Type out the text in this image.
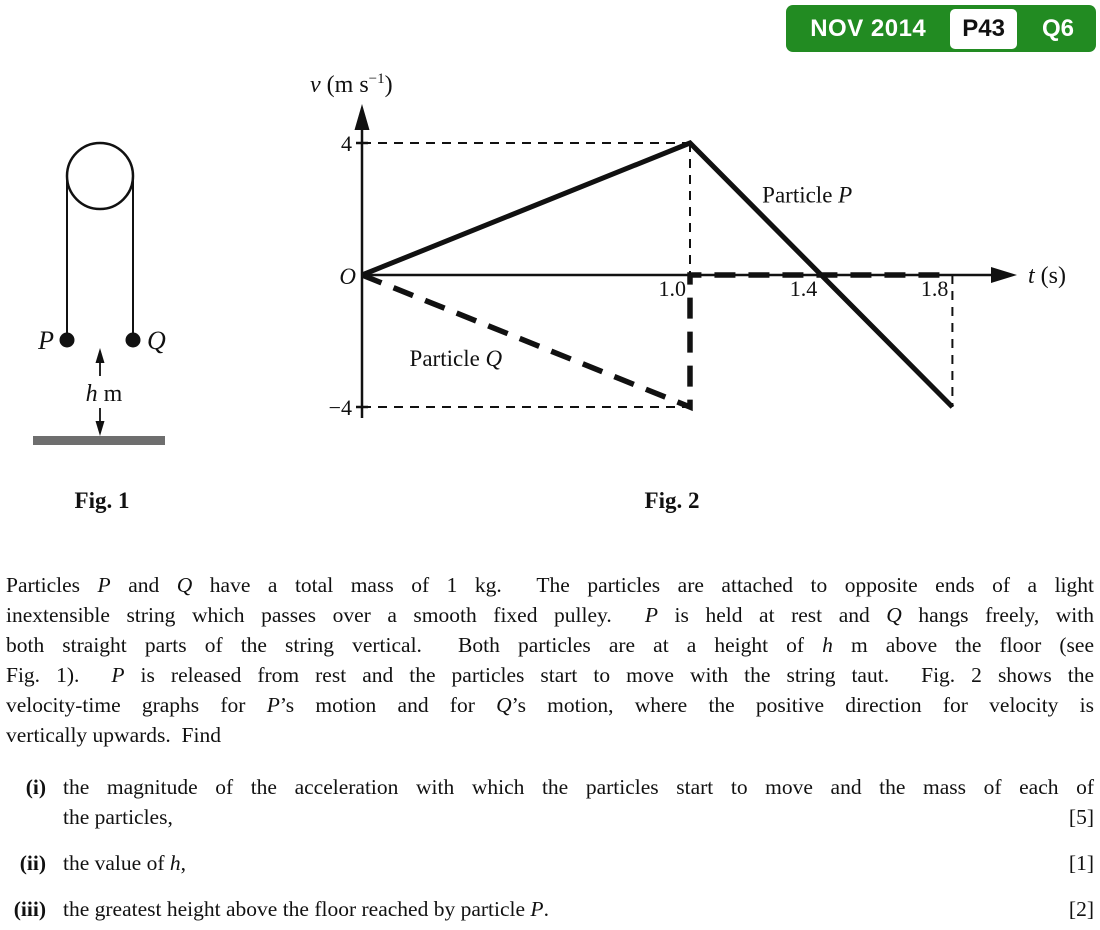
NOV 2014	P43	Q6
P	Q
h m
1.0	1.4	1.8
4
−4
Particle P
Particle Q
v (m $s^{-1}$)
t (s)
O
Fig. 1	Fig. 2
Particles P and Q have a total mass of 1 kg.  The particles are attached to opposite ends of a light
inextensible string which passes over a smooth fixed pulley.  P is held at rest and Q hangs freely, with
both straight parts of the string vertical.  Both particles are at a height of h m above the floor (see
Fig. 1).  P is released from rest and the particles start to move with the string taut.  Fig. 2 shows the
velocity-time graphs for P’s motion and for Q’s motion, where the positive direction for velocity is
vertically upwards.  Find
(i) the magnitude of the acceleration with which the particles start to move and the mass of each of
the particles,	[5]
(ii) the value of h,	[1]
(iii) the greatest height above the floor reached by particle P.	[2]
